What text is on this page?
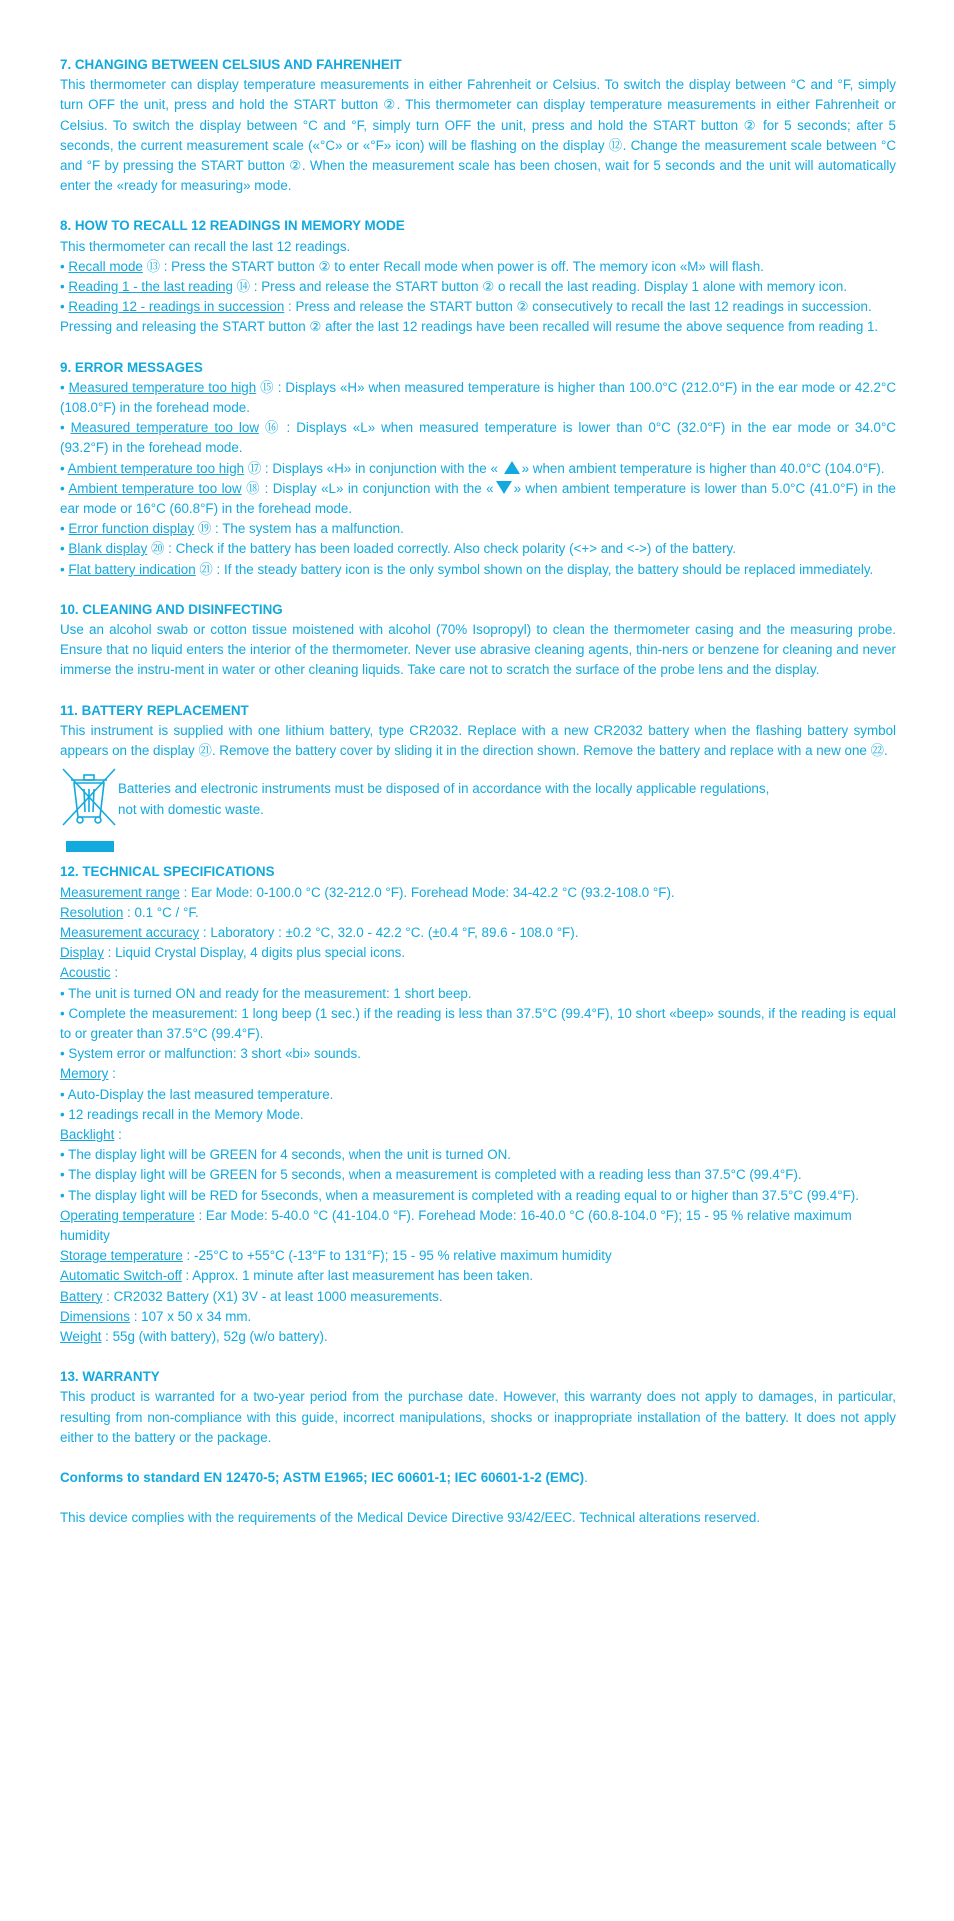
7. CHANGING BETWEEN CELSIUS AND FAHRENHEIT

This thermometer can display temperature measurements in either Fahrenheit or Celsius. To switch the display between °C and °F, simply turn OFF the unit, press and hold the START button ②. This thermometer can display temperature measurements in either Fahrenheit or Celsius. To switch the display between °C and °F, simply turn OFF the unit, press and hold the START button ② for 5 seconds; after 5 seconds, the current measurement scale («°C» or «°F» icon) will be flashing on the display ⑫. Change the measurement scale between °C and °F by pressing the START button ②. When the measurement scale has been chosen, wait for 5 seconds and the unit will automatically enter the «ready for measuring» mode.

8. HOW TO RECALL 12 READINGS IN MEMORY MODE

This thermometer can recall the last 12 readings.

• Recall mode ⑬ : Press the START button ② to enter Recall mode when power is off. The memory icon «M» will flash.

• Reading 1 - the last reading ⑭ : Press and release the START button ② o recall the last reading. Display 1 alone with memory icon.

• Reading 12 - readings in succession : Press and release the START button ② consecutively to recall the last 12 readings in succession.

Pressing and releasing the START button ② after the last 12 readings have been recalled will resume the above sequence from reading 1.

9. ERROR MESSAGES

• Measured temperature too high ⑮ : Displays «H» when measured temperature is higher than 100.0°C (212.0°F) in the ear mode or 42.2°C (108.0°F) in the forehead mode.

• Measured temperature too low ⑯ : Displays «L» when measured temperature is lower than 0°C (32.0°F) in the ear mode or 34.0°C (93.2°F) in the forehead mode.

• Ambient temperature too high ⑰ : Displays «H» in conjunction with the « » when ambient temperature is higher than 40.0°C (104.0°F).

• Ambient temperature too low ⑱ : Display «L» in conjunction with the « » when ambient temperature is lower than 5.0°C (41.0°F) in the ear mode or 16°C (60.8°F) in the forehead mode.

• Error function display ⑲ : The system has a malfunction.

• Blank display ⑳ : Check if the battery has been loaded correctly. Also check polarity (<+> and <->) of the battery.

• Flat battery indication ㉑ : If the steady battery icon is the only symbol shown on the display, the battery should be replaced immediately.

10. CLEANING AND DISINFECTING

Use an alcohol swab or cotton tissue moistened with alcohol (70% Isopropyl) to clean the thermometer casing and the measuring probe. Ensure that no liquid enters the interior of the thermometer. Never use abrasive cleaning agents, thin-ners or benzene for cleaning and never immerse the instru-ment in water or other cleaning liquids. Take care not to scratch the surface of the probe lens and the display.

11. BATTERY REPLACEMENT

This instrument is supplied with one lithium battery, type CR2032. Replace with a new CR2032 battery when the flashing battery symbol appears on the display ㉑. Remove the battery cover by sliding it in the direction shown. Remove the battery and replace with a new one ㉒.

Batteries and electronic instruments must be disposed of in accordance with the locally applicable regulations,

not with domestic waste.

12. TECHNICAL SPECIFICATIONS

Measurement range : Ear Mode: 0-100.0 °C (32-212.0 °F). Forehead Mode: 34-42.2 °C (93.2-108.0 °F).

Resolution : 0.1 °C / °F.

Measurement accuracy : Laboratory : ±0.2 °C, 32.0 - 42.2 °C. (±0.4 °F, 89.6 - 108.0 °F).

Display : Liquid Crystal Display, 4 digits plus special icons.

Acoustic :

• The unit is turned ON and ready for the measurement: 1 short beep.

• Complete the measurement: 1 long beep (1 sec.) if the reading is less than 37.5°C (99.4°F), 10 short «beep» sounds, if the reading is equal to or greater than 37.5°C (99.4°F).

• System error or malfunction: 3 short «bi» sounds.

Memory :

• Auto-Display the last measured temperature.

• 12 readings recall in the Memory Mode.

Backlight :

• The display light will be GREEN for 4 seconds, when the unit is turned ON.

• The display light will be GREEN for 5 seconds, when a measurement is completed with a reading less than 37.5°C (99.4°F).

• The display light will be RED for 5seconds, when a measurement is completed with a reading equal to or higher than 37.5°C (99.4°F).

Operating temperature : Ear Mode: 5-40.0 °C (41-104.0 °F). Forehead Mode: 16-40.0 °C (60.8-104.0 °F); 15 - 95 % relative maximum humidity

Storage temperature : -25°C to +55°C (-13°F to 131°F); 15 - 95 % relative maximum humidity

Automatic Switch-off : Approx. 1 minute after last measurement has been taken.

Battery : CR2032 Battery (X1) 3V - at least 1000 measurements.

Dimensions : 107 x 50 x 34 mm.

Weight : 55g (with battery), 52g (w/o battery).

13. WARRANTY

This product is warranted for a two-year period from the purchase date. However, this warranty does not apply to damages, in particular, resulting from non-compliance with this guide, incorrect manipulations, shocks or inappropriate installation of the battery. It does not apply either to the battery or the package.

Conforms to standard EN 12470-5; ASTM E1965; IEC 60601-1; IEC 60601-1-2 (EMC).

This device complies with the requirements of the Medical Device Directive 93/42/EEC. Technical alterations reserved.
